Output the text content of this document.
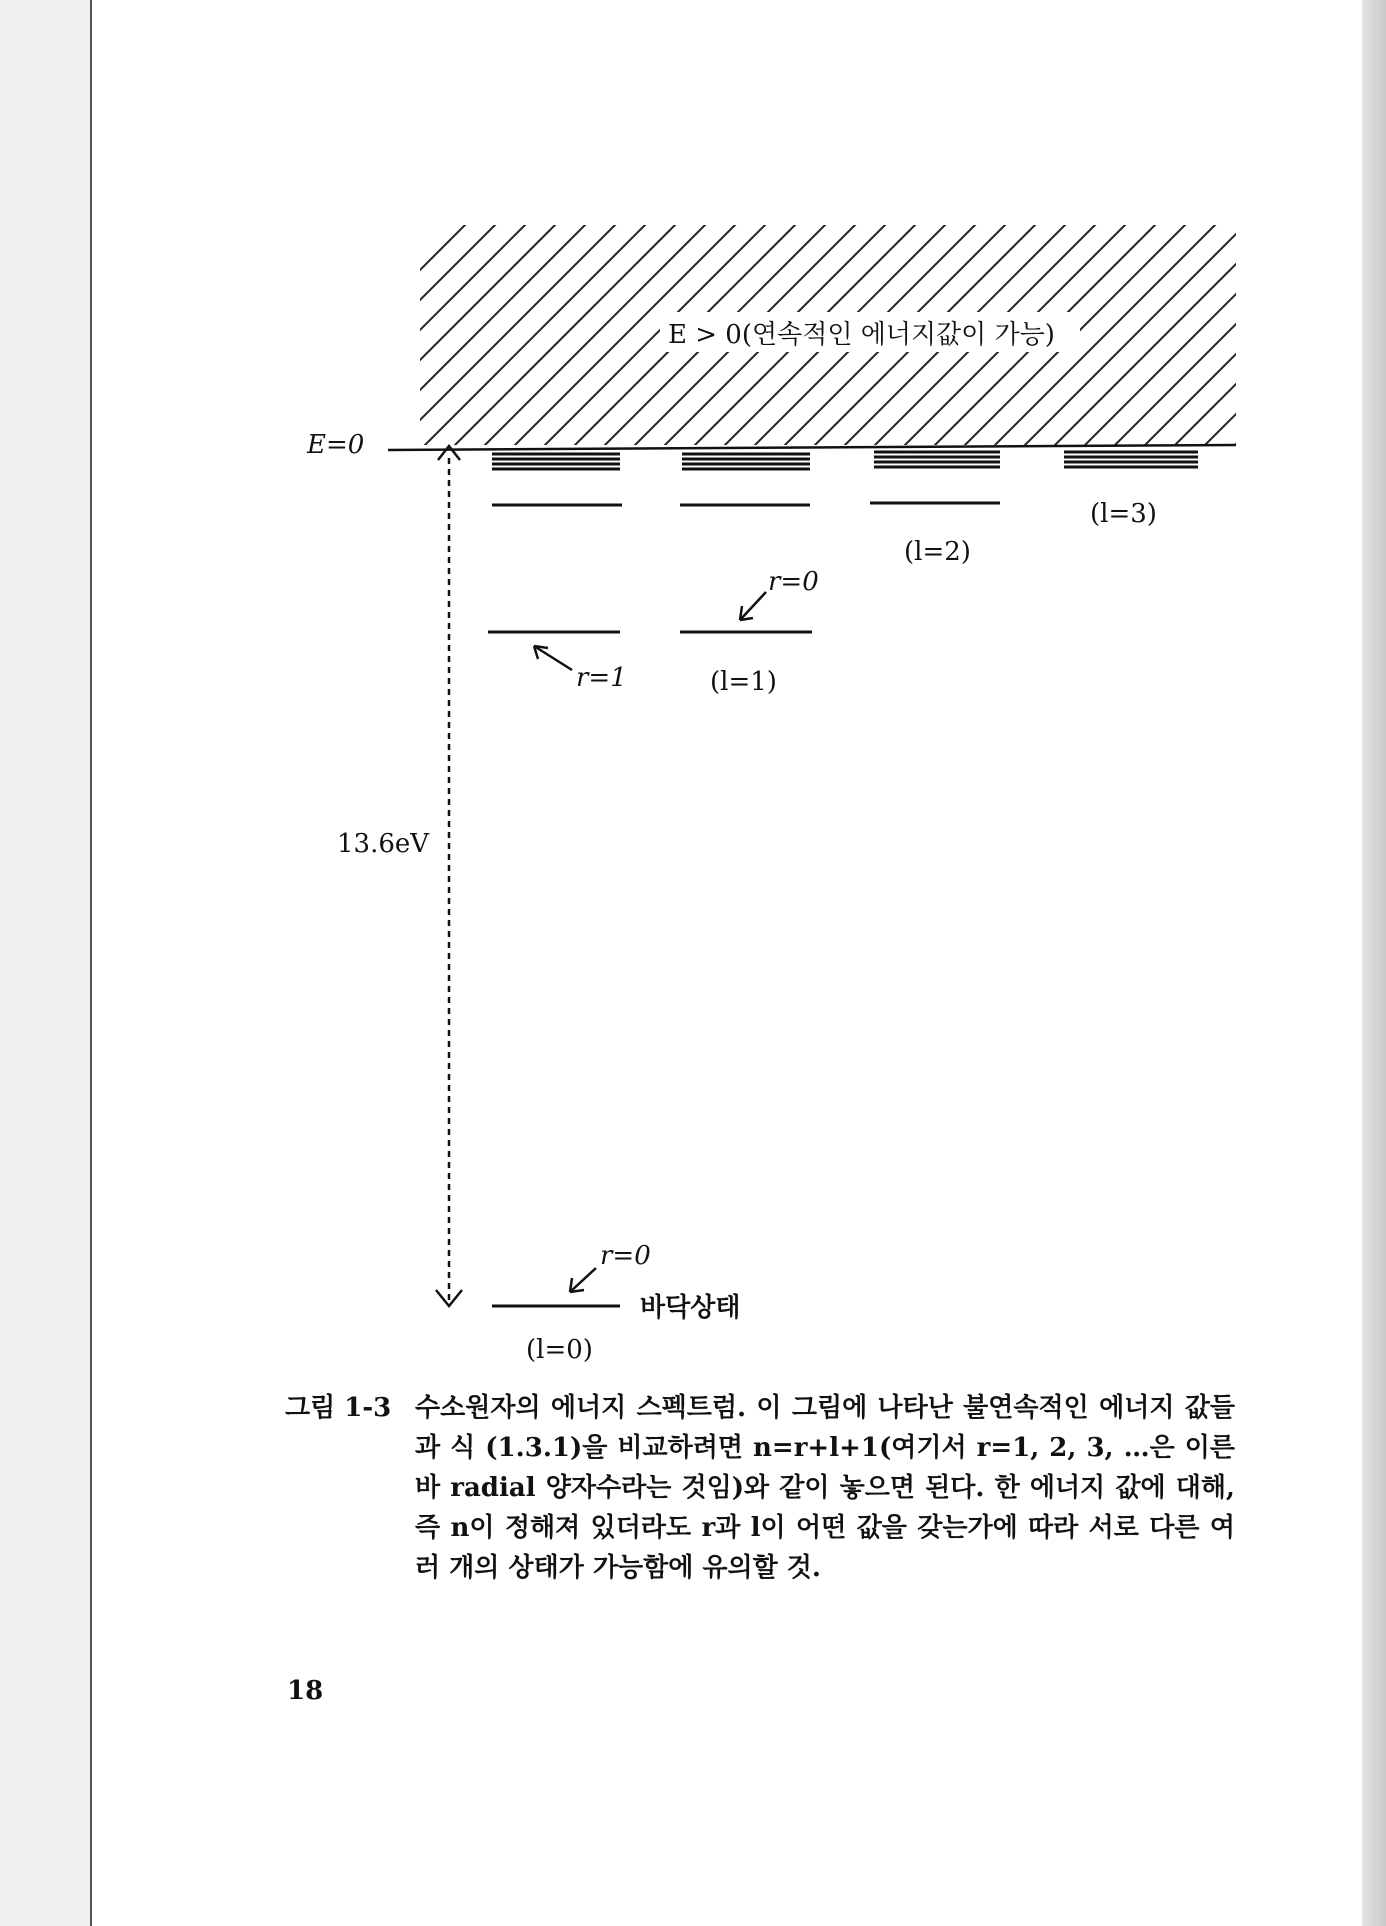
E > 0(연속적인 에너지값이 가능)
E=0
13.6eV
r=1
r=0
r=0
바닥상태
(l=0)
(l=1)
(l=2)
(l=3)
그림 1-3 수소원자의 에너지 스펙트럼. 이 그림에 나타난 불연속적인 에너지 값들과 식 (1.3.1)을 비교하려면 n=r+l+1(여기서 r=1, 2, 3, …은 이른바 radial 양자수라는 것임)와 같이 놓으면 된다. 한 에너지 값에 대해, 즉 n이 정해져 있더라도 r과 l이 어떤 값을 갖는가에 따라 서로 다른 여러 개의 상태가 가능함에 유의할 것.
18
